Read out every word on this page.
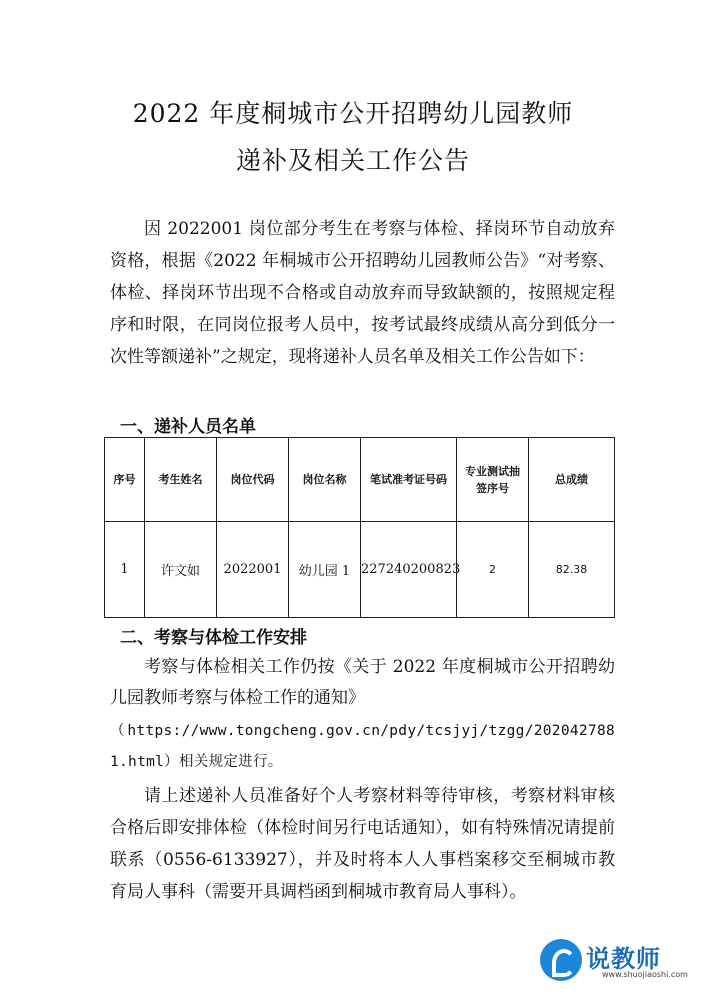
2022 年度桐城市公开招聘幼儿园教师
递补及相关工作公告

因 2022001 岗位部分考生在考察与体检、择岗环节自动放弃资格，根据《2022 年桐城市公开招聘幼儿园教师公告》“对考察、体检、择岗环节出现不合格或自动放弃而导致缺额的，按照规定程序和时限，在同岗位报考人员中，按考试最终成绩从高分到低分一次性等额递补”之规定，现将递补人员名单及相关工作公告如下：

一、递补人员名单
序号	考生姓名	岗位代码	岗位名称	笔试准考证号码	专业测试抽签序号	总成绩
1	许文如	2022001	幼儿园 1	227240200823	2	82.38
二、考察与体检工作安排

考察与体检相关工作仍按《关于 2022 年度桐城市公开招聘幼儿园教师考察与体检工作的通知》

（https://www.tongcheng.gov.cn/pdy/tcsjyj/tzgg/2020427881.html）相关规定进行。

请上述递补人员准备好个人考察材料等待审核，考察材料审核合格后即安排体检（体检时间另行电话通知），如有特殊情况请提前联系（0556-6133927），并及时将本人人事档案移交至桐城市教育局人事科（需要开具调档函到桐城市教育局人事科）。

说教师
www.shuojiaoshi.com
